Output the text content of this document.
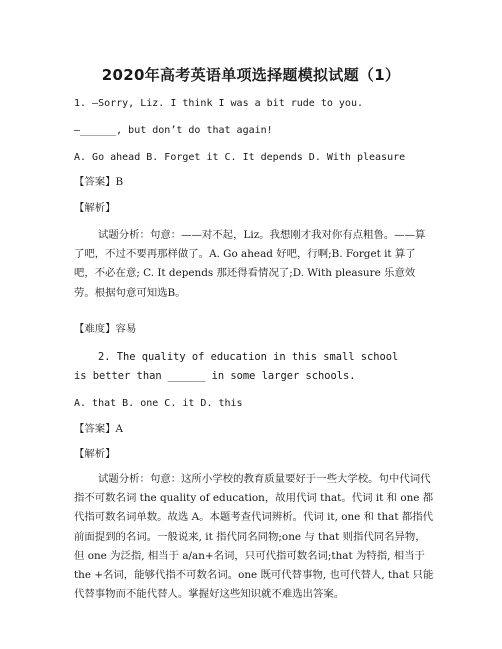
2020年高考英语单项选择题模拟试题（1）
1. —Sorry, Liz. I think I was a bit rude to you.
—______, but don’t do that again!
A. Go ahead B. Forget it C. It depends D. With pleasure
【答案】B
【解析】
试题分析：句意：——对不起，Liz。我想刚才我对你有点粗鲁。——算了吧，不过不要再那样做了。A. Go ahead 好吧，行啊;B. Forget it 算了吧，不必在意; C. It depends 那还得看情况了;D. With pleasure 乐意效劳。根据句意可知选B。
【难度】容易
2. The quality of education in this small school is better than ______ in some larger schools.
A. that B. one C. it D. this
【答案】A
【解析】
试题分析：句意：这所小学校的教育质量要好于一些大学校。句中代词代指不可数名词 the quality of education，故用代词 that。代词 it 和 one 都代指可数名词单数。故选 A。本题考查代词辨析。代词 it, one 和 that 都指代前面提到的名词。一般说来, it 指代同名同物;one 与 that 则指代同名异物，但 one 为泛指, 相当于 a/an+名词，只可代指可数名词;that 为特指, 相当于 the +名词，能够代指不可数名词。one 既可代替事物, 也可代替人, that 只能代替事物而不能代替人。掌握好这些知识就不难选出答案。
